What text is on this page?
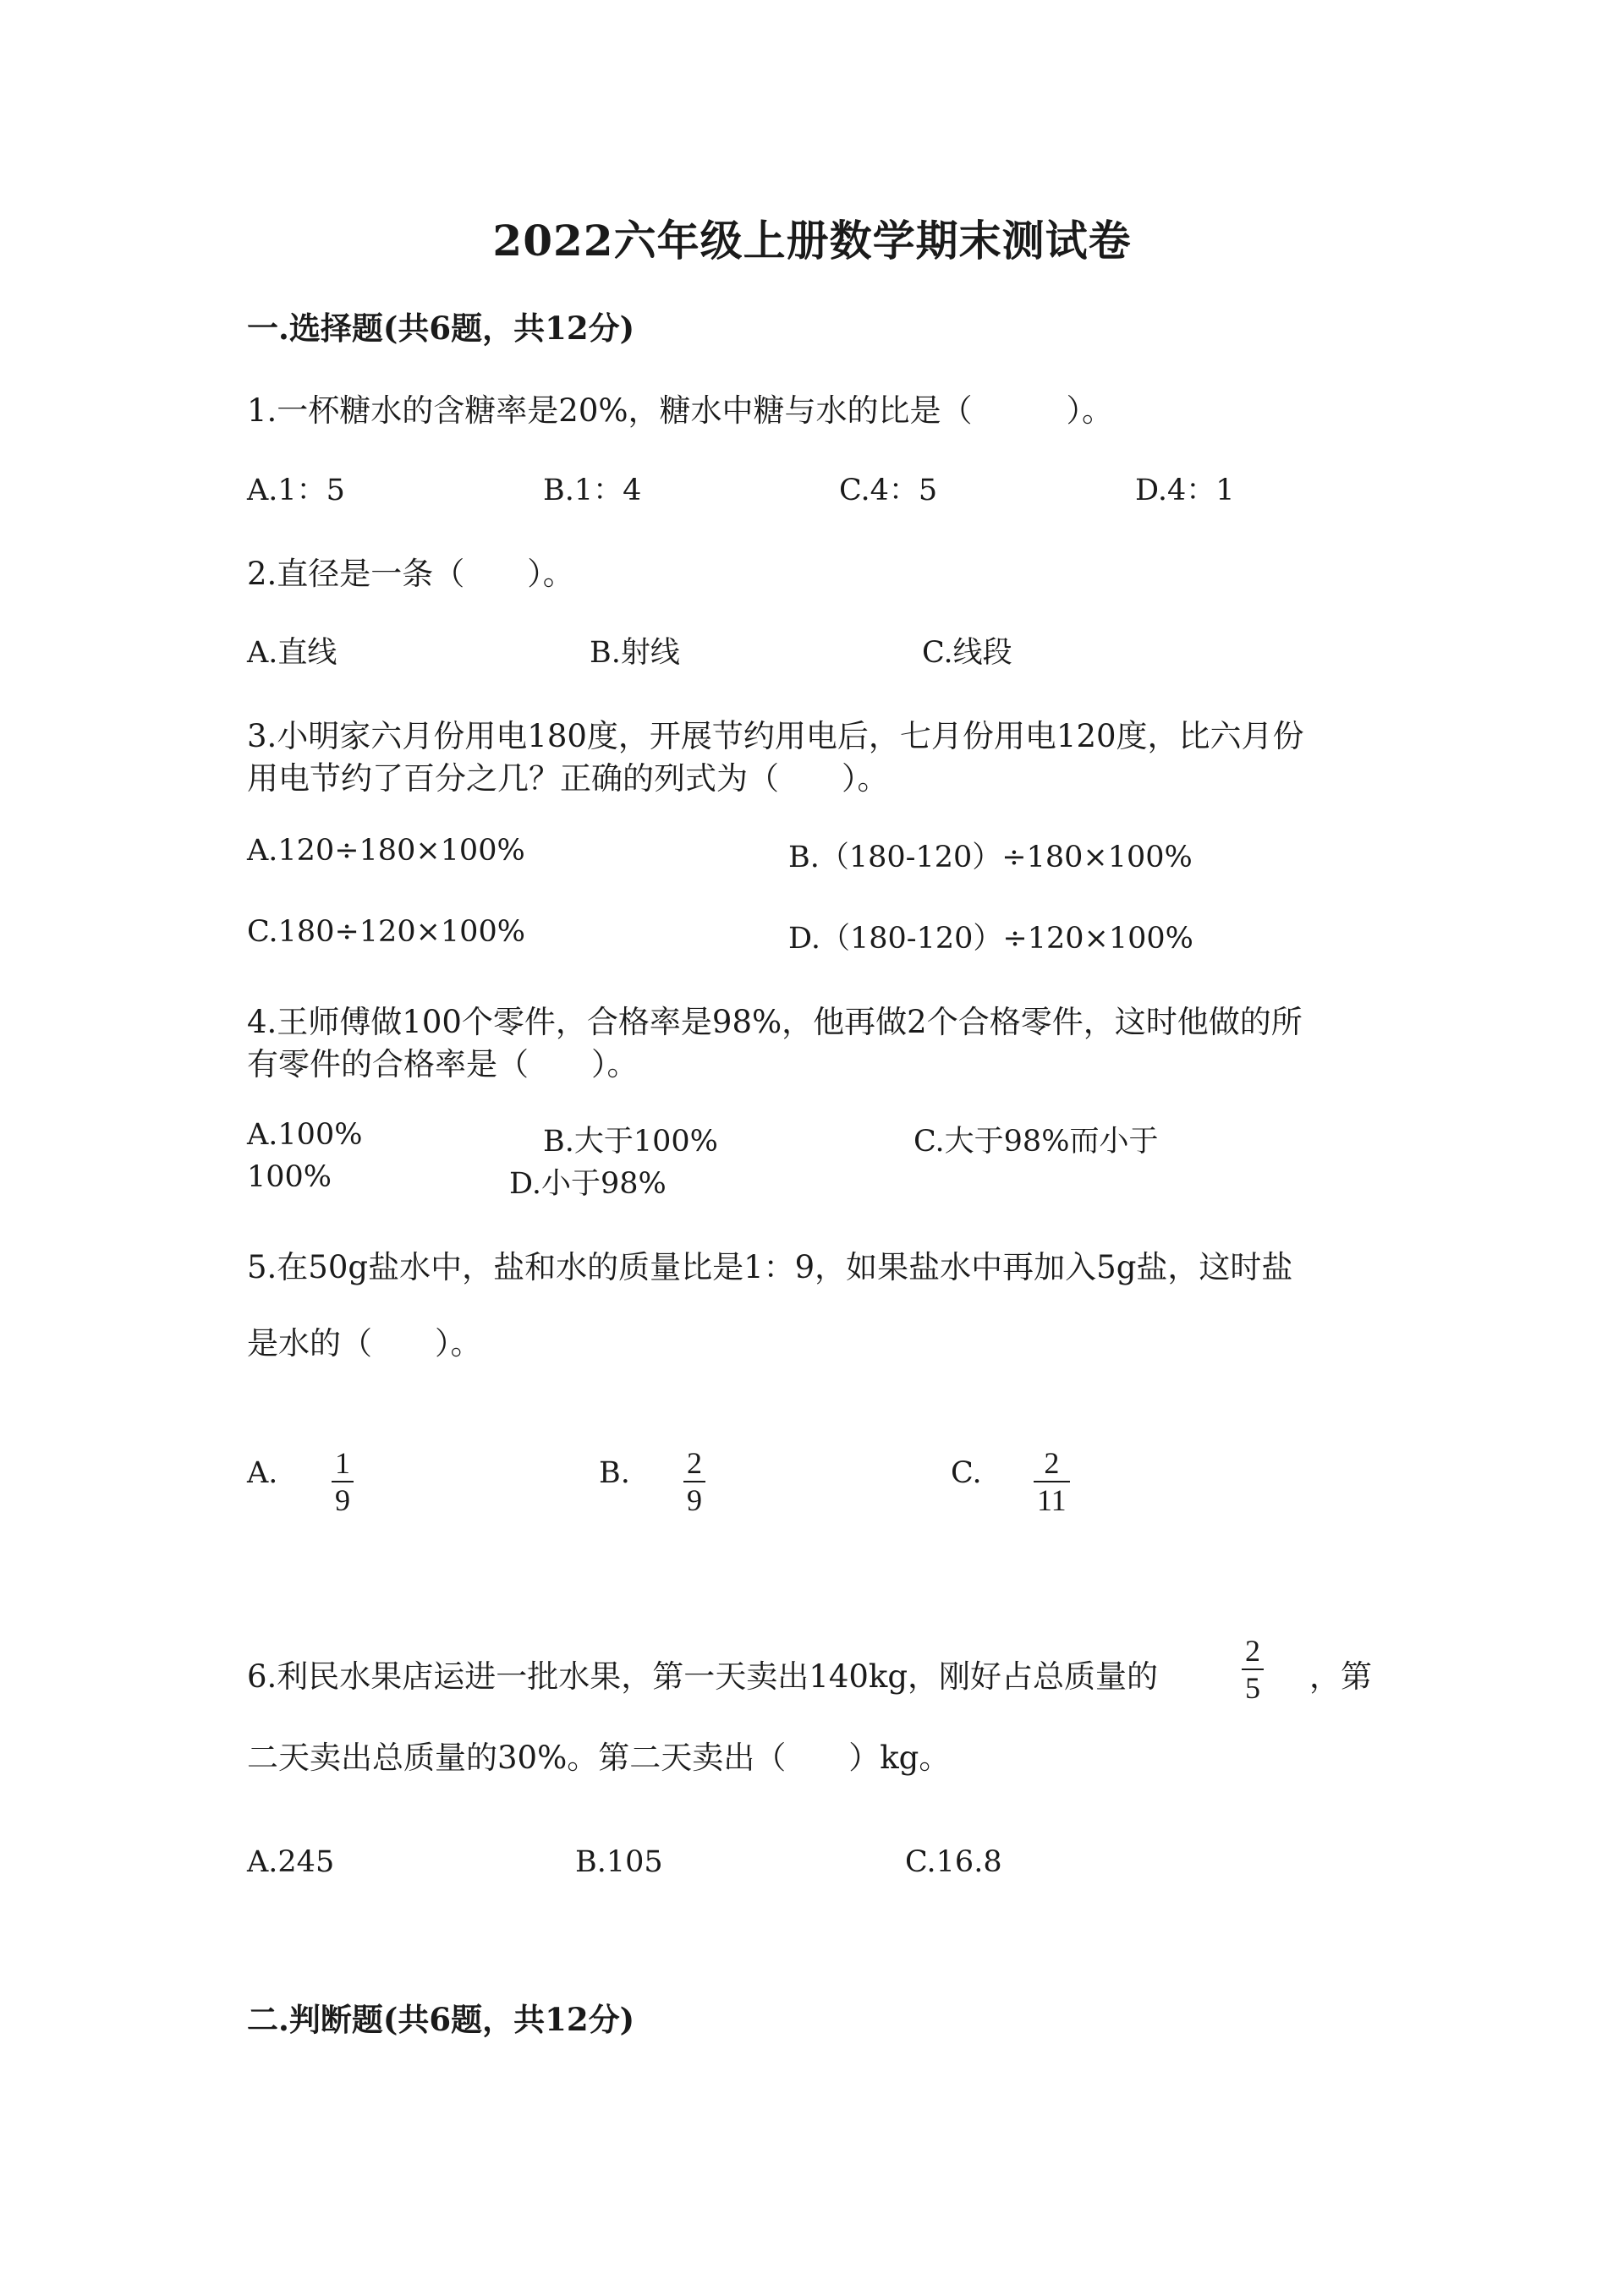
2022六年级上册数学期末测试卷
一.选择题(共6题，共12分)
1.一杯糖水的含糖率是20%，糖水中糖与水的比是（　　　）。
A.1：5	B.1：4	C.4：5	D.4：1
2.直径是一条（　　）。
A.直线	B.射线	C.线段
3.小明家六月份用电180度，开展节约用电后，七月份用电120度，比六月份
用电节约了百分之几？正确的列式为（　　）。
A.120÷180×100%	B.（180-120）÷180×100%
C.180÷120×100%	D.（180-120）÷120×100%
4.王师傅做100个零件，合格率是98%，他再做2个合格零件，这时他做的所
有零件的合格率是（　　）。
A.100%	B.大于100%	C.大于98%而小于
100%	D.小于98%
5.在50g盐水中，盐和水的质量比是1：9，如果盐水中再加入5g盐，这时盐
是水的（　　）。
A. 1
9
B. 2
9
C. 2
11
6.利民水果店运进一批水果，第一天卖出140kg，刚好占总质量的
2
5 ，第
二天卖出总质量的30%。第二天卖出（　　）kg。
A.245	B.105	C.16.8
二.判断题(共6题，共12分)
